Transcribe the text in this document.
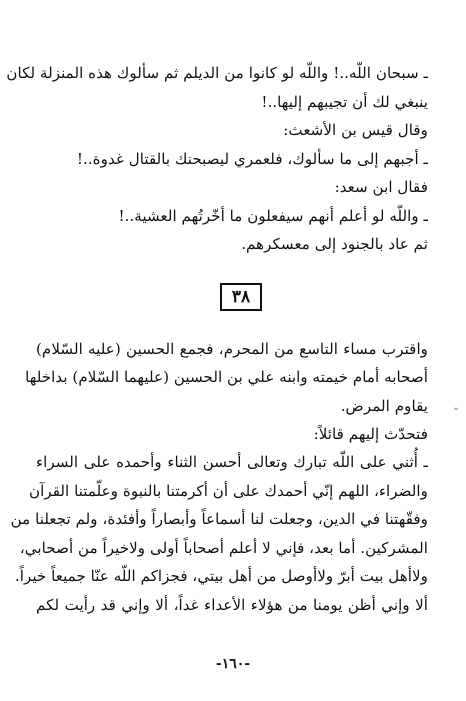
ـ سبحان اللّه..! واللّه لو كانوا من الديلم ثم سألوك هذه المنزلة لكان

ينبغي لك أن تجيبهم إليها..!

وقال قيس بن الأشعث:

ـ أجبهم إلى ما سألوك، فلعمري ليصبحنك بالقتال غدوة..!

فقال ابن سعد:

ـ واللّه لو أعلم أنهم سيفعلون ما أخّرتُهم العشية..!

ثم عاد بالجنود إلى معسكرهم.

٣٨

واقترب مساء التاسع من المحرم، فجمع الحسين (عليه السّلام)

أصحابه أمام خيمته وابنه علي بن الحسين (عليهما السّلام) بداخلها

يقاوم المرض.

فتحدّث إليهم قائلاً:

ـ أُثني على اللّه تبارك وتعالى أحسن الثناء وأحمده على السراء

والضراء، اللهم إنّي أحمدك على أن أكرمتنا بالنبوة وعلّمتنا القرآن

وفقّهتنا في الدين، وجعلت لنا أسماعاً وأبصاراً وأفئدة، ولم تجعلنا من

المشركين. أما بعد، فإني لا أعلم أصحاباً أولى ولاخيراً من أصحابي،

ولاأهل بيت أبرّ ولاأوصل من أهل بيتي، فجزاكم اللّه عنّا جميعاً خيراً.

ألا وإني أظن يومنا من هؤلاء الأعداء غداً، ألا وإني قد رأيت لكم

-١٦٠-
⌄
